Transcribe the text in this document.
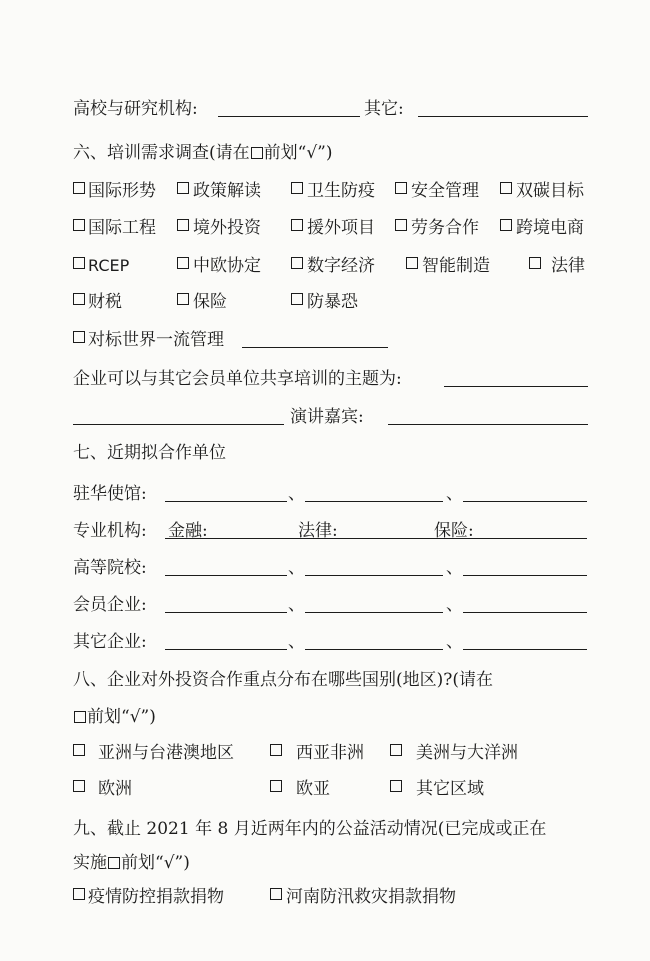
高校与研究机构:	其它:
六、培训需求调查(请在 前划“√”)
国际形势 政策解读	卫生防疫 安全管理 双碳目标
国际工程 境外投资	援外项目 劳务合作 跨境电商
RCEP	中欧协定	数字经济	智能制造	法律
财税	保险	防暴恐
对标世界一流管理
企业可以与其它会员单位共享培训的主题为:
演讲嘉宾:
七、近期拟合作单位
驻华使馆:	、	、
专业机构: 金融:	法律:	保险:
高等院校:	、	、
会员企业:	、	、
其它企业:	、	、
八、企业对外投资合作重点分布在哪些国别(地区)?(请在
前划“√”)
亚洲与台港澳地区	西亚非洲	美洲与大洋洲
欧洲	欧亚	其它区域
九、截止 2021 年 8 月近两年内的公益活动情况(已完成或正在
实施 前划“√”)
疫情防控捐款捐物	河南防汛救灾捐款捐物
